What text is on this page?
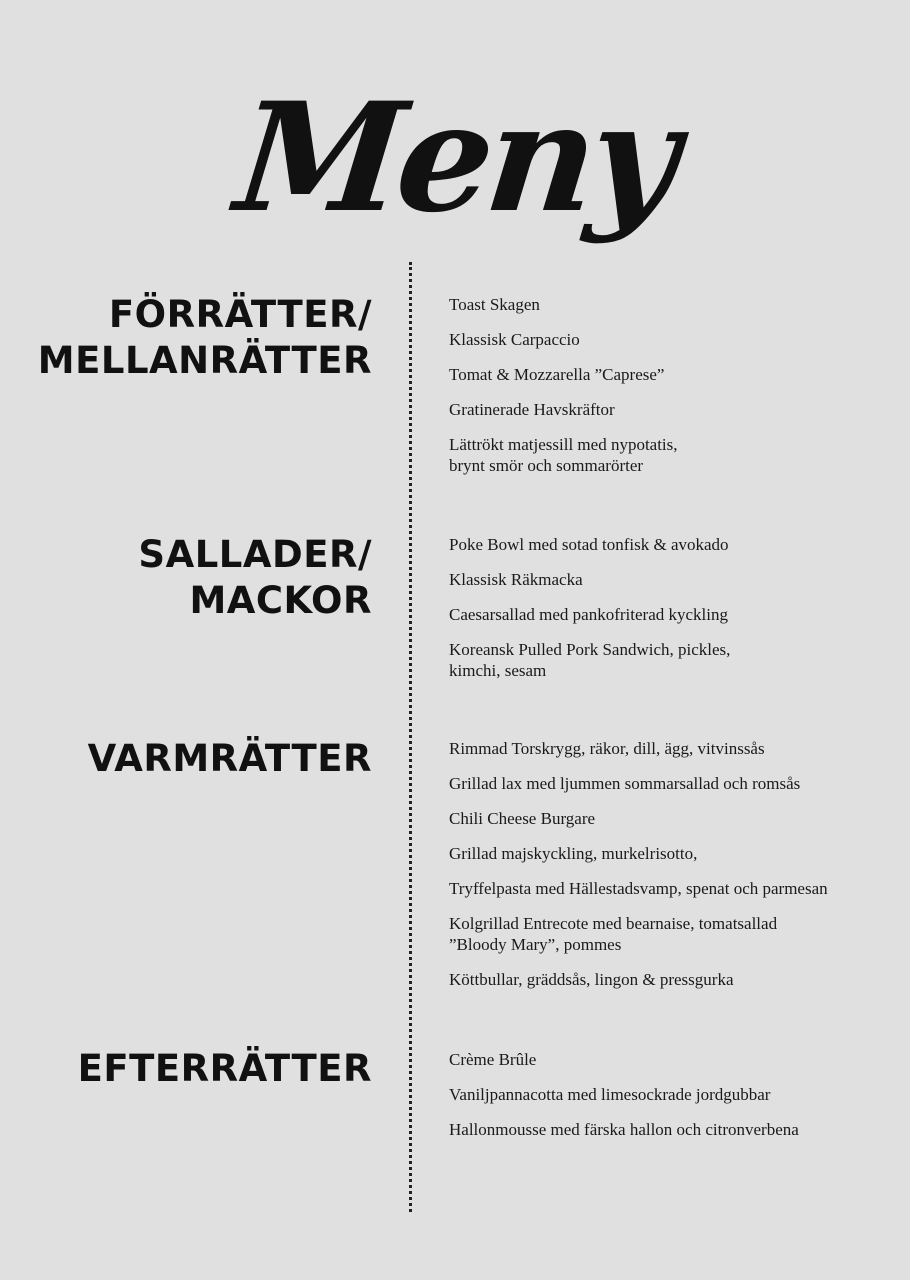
Meny
FÖRRÄTTER/
MELLANRÄTTER
Toast Skagen
Klassisk Carpaccio
Tomat & Mozzarella ”Caprese”
Gratinerade Havskräftor
Lättrökt matjessill med nypotatis,
brynt smör och sommarörter
SALLADER/
MACKOR
Poke Bowl med sotad tonfisk & avokado
Klassisk Räkmacka
Caesarsallad med pankofriterad kyckling
Koreansk Pulled Pork Sandwich, pickles,
kimchi, sesam
VARMRÄTTER	Rimmad Torskrygg, räkor, dill, ägg, vitvinssås
Grillad lax med ljummen sommarsallad och romsås
Chili Cheese Burgare
Grillad majskyckling, murkelrisotto,
Tryffelpasta med Hällestadsvamp, spenat och parmesan
Kolgrillad Entrecote med bearnaise, tomatsallad
”Bloody Mary”, pommes
Köttbullar, gräddsås, lingon & pressgurka
EFTERRÄTTER	Crème Brûle
Vaniljpannacotta med limesockrade jordgubbar
Hallonmousse med färska hallon och citronverbena
